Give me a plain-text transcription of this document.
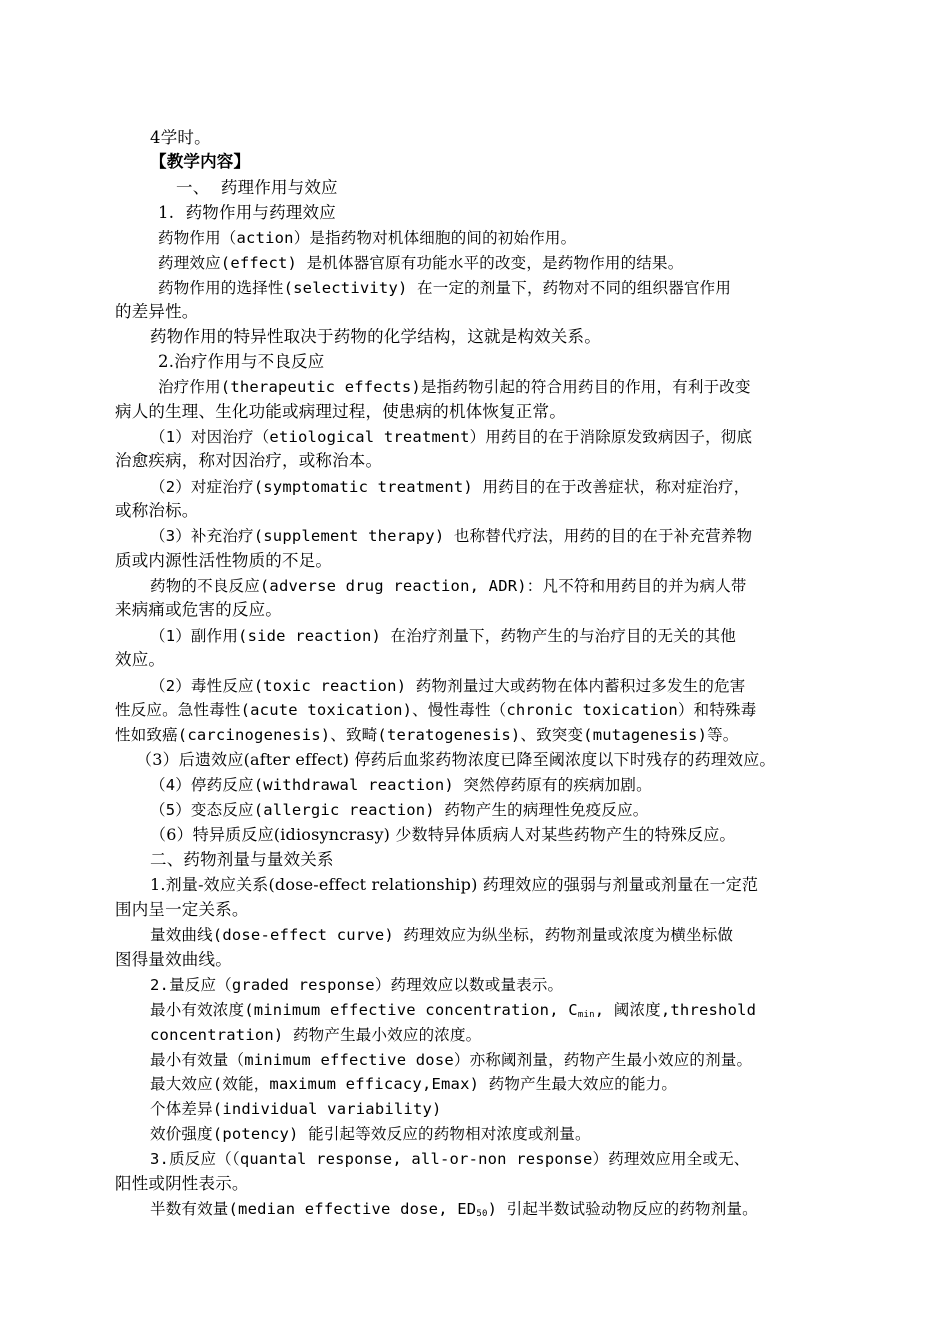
4学时。
【教学内容】
一、 药理作用与效应
1. 药物作用与药理效应
药物作用（action）是指药物对机体细胞的间的初始作用。
药理效应(effect) 是机体器官原有功能水平的改变，是药物作用的结果。
药物作用的选择性(selectivity) 在一定的剂量下，药物对不同的组织器官作用
的差异性。
药物作用的特异性取决于药物的化学结构，这就是构效关系。
2.治疗作用与不良反应
治疗作用(therapeutic effects)是指药物引起的符合用药目的作用，有利于改变
病人的生理、生化功能或病理过程，使患病的机体恢复正常。
（1）对因治疗（etiological treatment）用药目的在于消除原发致病因子，彻底
治愈疾病，称对因治疗，或称治本。
（2）对症治疗(symptomatic treatment) 用药目的在于改善症状，称对症治疗，
或称治标。
（3）补充治疗(supplement therapy) 也称替代疗法，用药的目的在于补充营养物
质或内源性活性物质的不足。
药物的不良反应(adverse drug reaction, ADR)：凡不符和用药目的并为病人带
来病痛或危害的反应。
（1）副作用(side reaction) 在治疗剂量下，药物产生的与治疗目的无关的其他
效应。
（2）毒性反应(toxic reaction) 药物剂量过大或药物在体内蓄积过多发生的危害
性反应。急性毒性(acute toxication)、慢性毒性（chronic toxication）和特殊毒
性如致癌(carcinogenesis)、致畸(teratogenesis)、致突变(mutagenesis)等。
（3）后遗效应(after effect) 停药后血浆药物浓度已降至阈浓度以下时残存的药理效应。
（4）停药反应(withdrawal reaction) 突然停药原有的疾病加剧。
（5）变态反应(allergic reaction) 药物产生的病理性免疫反应。
（6）特异质反应(idiosyncrasy) 少数特异体质病人对某些药物产生的特殊反应。
二、药物剂量与量效关系
1.剂量-效应关系(dose-effect relationship) 药理效应的强弱与剂量或剂量在一定范
围内呈一定关系。
量效曲线(dose-effect curve) 药理效应为纵坐标，药物剂量或浓度为横坐标做
图得量效曲线。
2.量反应（graded response）药理效应以数或量表示。
最小有效浓度(minimum effective concentration, $C_{min}$, 阈浓度,threshold
concentration) 药物产生最小效应的浓度。
最小有效量（minimum effective dose）亦称阈剂量，药物产生最小效应的剂量。
最大效应(效能，maximum efficacy,Emax) 药物产生最大效应的能力。
个体差异(individual variability)
效价强度(potency) 能引起等效反应的药物相对浓度或剂量。
3.质反应（（quantal response, all-or-non response）药理效应用全或无、
阳性或阴性表示。
半数有效量(median effective dose, $ED_{50}$) 引起半数试验动物反应的药物剂量。
